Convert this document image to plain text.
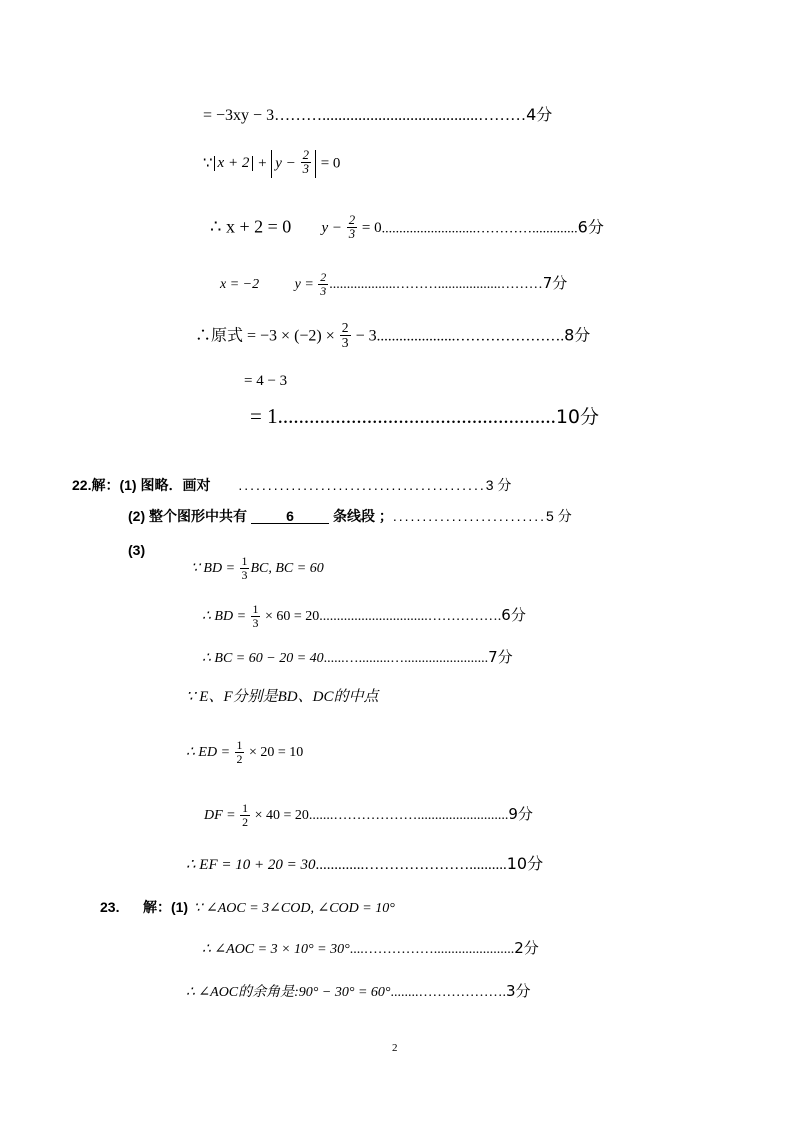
= −3xy − 3……….......................................………4分
∵ $x + 2 + y - \frac{2}{3} = 0$
∴ x + 2 = 0 $y - \frac{2}{3}$ = 0...........................………….............6分
x = −2	$y = \frac{2}{3}$ ...................………..................………7分
∴原式 = $-3 \times (-2) \times \frac{2}{3}$ − 3.....................………………….8分
= 4 − 3
= 1.....................................................10分
22.解：(1) 图略．画对 ..........................................3 分
(2) 整个图形中共有	6	条线段 ；..........................5 分
(3)
∵ BD = $\frac{1}{3}$ BC, BC = 60
∴ BD = $\frac{1}{3} \times 60$ = 20...............................…………….6分
∴ BC = 60 − 20 = 40......….........…........................7分
∵ E、F分别是BD、DC的中点
∴ ED = $\frac{1}{2} \times 20 = 10$
DF = $\frac{1}{2} \times 40$ = 20.......………………..........................9分
∴ EF = 10 + 20 = 30.............…………………..........10分
23. 解：(1) ∵ ∠AOC = 3∠COD, ∠COD = 10°
∴ ∠AOC = 3 × 10° = 30°....…………….......................2分
∴ ∠AOC的余角是:90° − 30° = 60°........……………….3分
2
